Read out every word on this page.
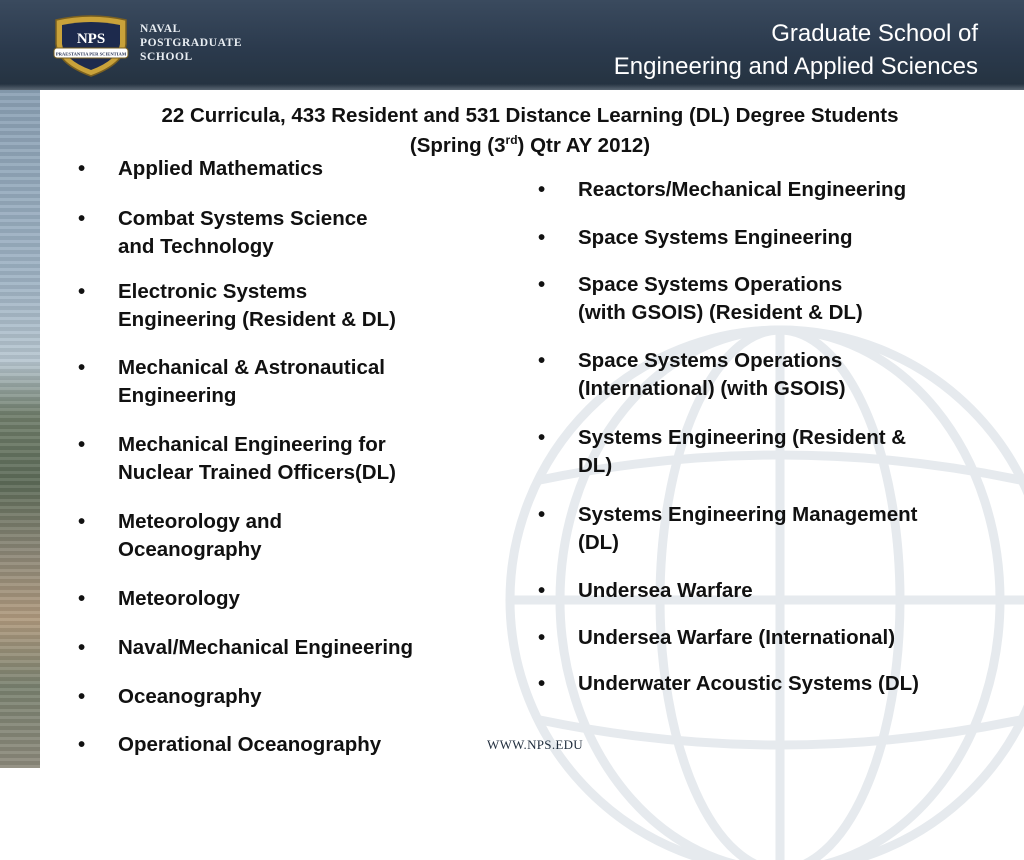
NPS
PRAESTANTIA PER SCIENTIAM
NAVAL
POSTGRADUATE
SCHOOL
Graduate School of
Engineering and Applied Sciences
22 Curricula, 433 Resident and 531 Distance Learning (DL) Degree Students
(Spring (3rd) Qtr AY 2012)
•	Applied Mathematics
•	Combat Systems Science
and Technology
•	Electronic Systems
Engineering (Resident & DL)
•	Mechanical & Astronautical
Engineering
•	Mechanical Engineering for
Nuclear Trained Officers(DL)
•	Meteorology and
Oceanography
•	Meteorology
•	Naval/Mechanical Engineering
•	Oceanography
•	Operational Oceanography
•	Reactors/Mechanical Engineering
•	Space Systems Engineering
•	Space Systems Operations
(with GSOIS) (Resident & DL)
•	Space Systems Operations
(International) (with GSOIS)
•	Systems Engineering (Resident &
DL)
•	Systems Engineering Management
(DL)
•	Undersea Warfare
•	Undersea Warfare (International)
•	Underwater Acoustic Systems (DL)
WWW.NPS.EDU
